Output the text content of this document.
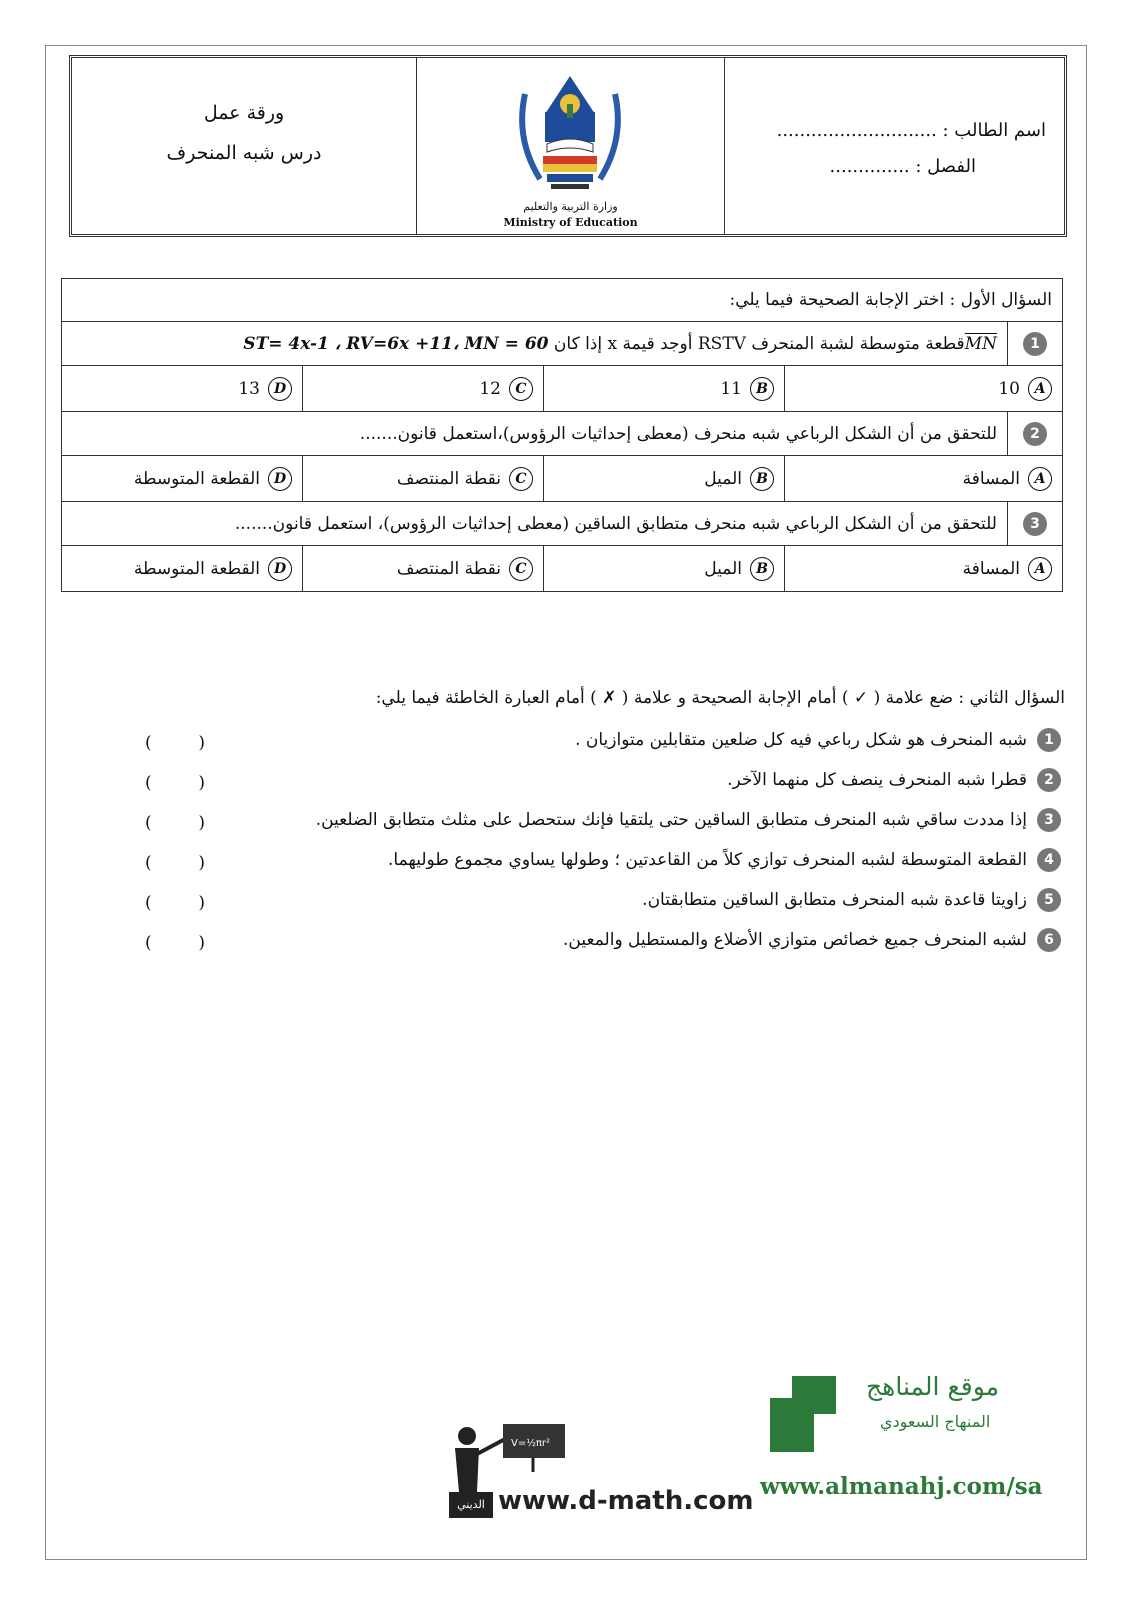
ورقة عمل
درس شبه المنحرف
وزارة التربية والتعليم
Ministry of Education
اسم الطالب : ............................
الفصل : ..............
السؤال الأول : اختر الإجابة الصحيحة فيما يلي:				
1	$\overline{MN}قطعة$ متوسطة لشبة المنحرف RSTV أوجد قيمة x إذا كان ST= 4x-1 ، RV=6x +11، MN = 60			
A10		B11	C12	D13
2	للتحقق من أن الشكل الرباعي شبه منحرف (معطى إحداثيات الرؤوس)،استعمل قانون.......			
Aالمسافة		Bالميل	Cنقطة المنتصف	Dالقطعة المتوسطة
3	للتحقق من أن الشكل الرباعي شبه منحرف متطابق الساقين (معطى إحداثيات الرؤوس)، استعمل قانون.......			
Aالمسافة		Bالميل	Cنقطة المنتصف	Dالقطعة المتوسطة
السؤال الثاني : ضع علامة ( ✓ ) أمام الإجابة الصحيحة و علامة ( ✗ ) أمام العبارة الخاطئة فيما يلي:
1
شبه المنحرف هو شكل رباعي فيه كل ضلعين متقابلين متوازيان .
(	)
2
قطرا شبه المنحرف ينصف كل منهما الآخر.
(	)
3
إذا مددت ساقي شبه المنحرف متطابق الساقين حتى يلتقيا فإنك ستحصل على مثلث متطابق الضلعين.
(	)
4
القطعة المتوسطة لشبه المنحرف توازي كلاً من القاعدتين ؛ وطولها يساوي مجموع طوليهما.
(	)
5
زاويتا قاعدة شبه المنحرف متطابق الساقين متطابقتان.
(	)
6
لشبه المنحرف جميع خصائص متوازي الأضلاع والمستطيل والمعين.
(	)
موقع المناهج
المنهاج السعودي
www.almanahj.com/sa
V=½πr²
الديني www.d-math.com
